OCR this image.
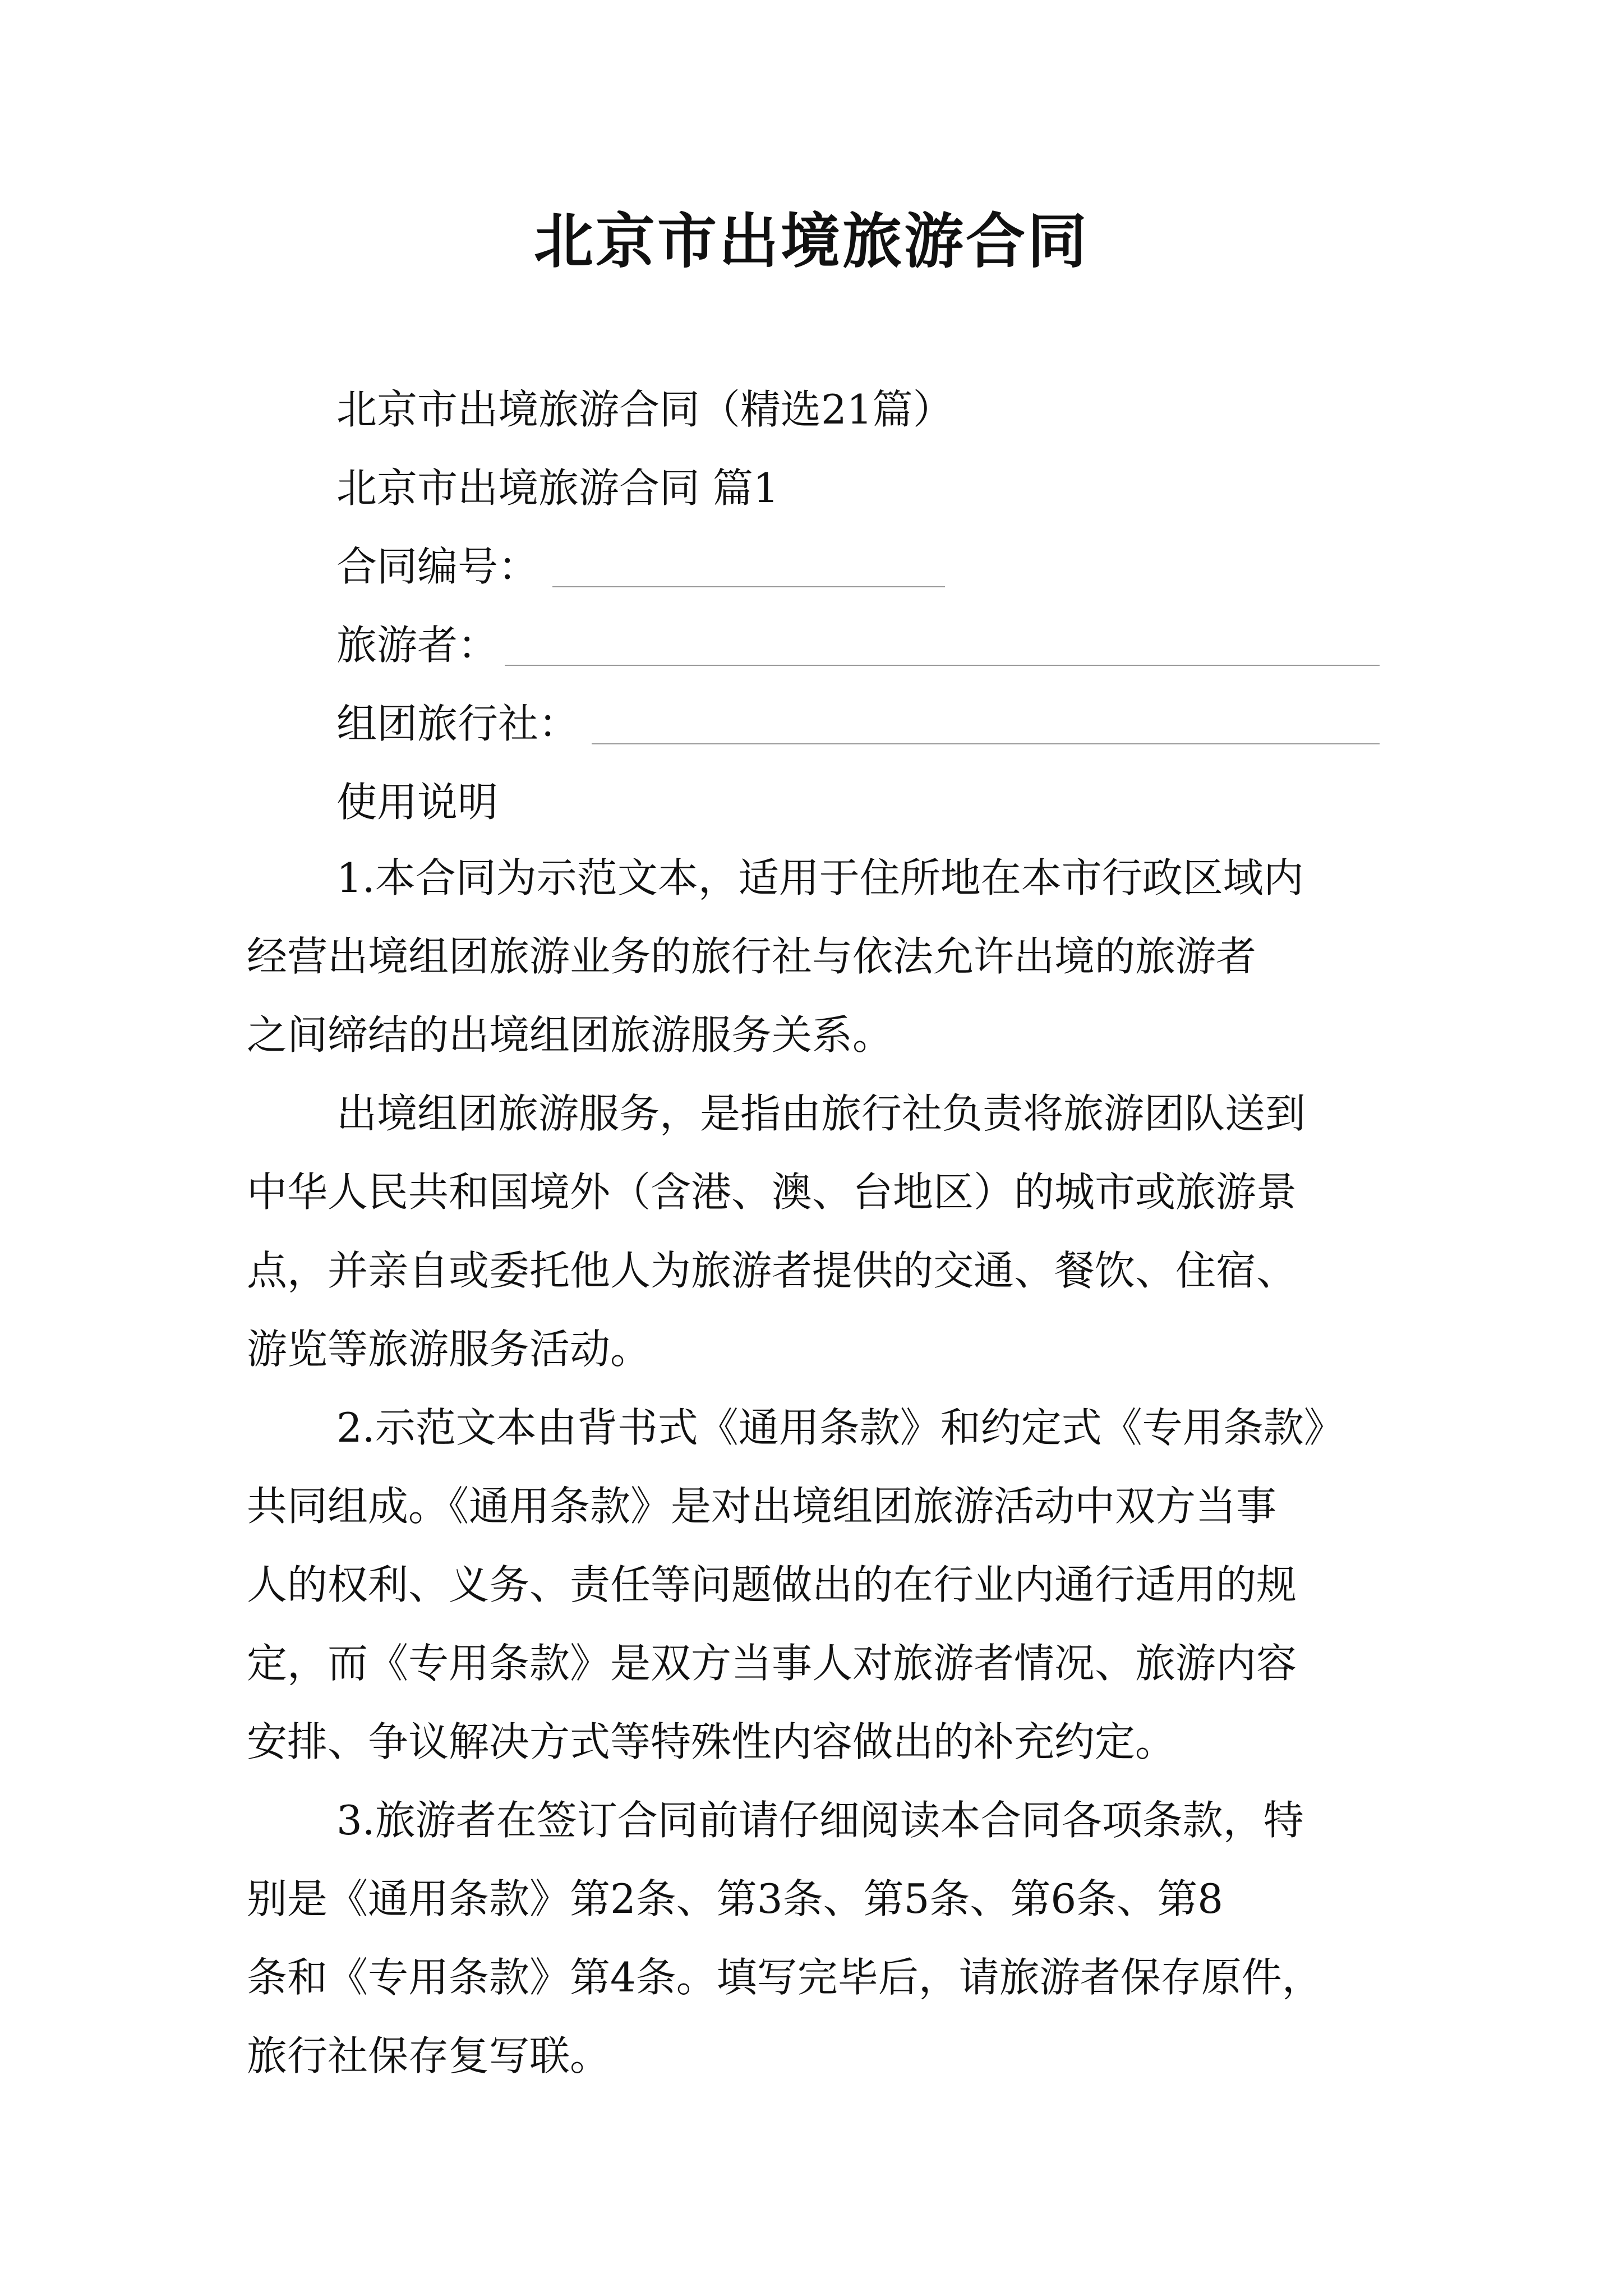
北京市出境旅游合同
北京市出境旅游合同（精选21篇）
北京市出境旅游合同 篇1
合同编号：
旅游者：
组团旅行社：
使用说明
1.本合同为示范文本，适用于住所地在本市行政区域内
经营出境组团旅游业务的旅行社与依法允许出境的旅游者
之间缔结的出境组团旅游服务关系。
出境组团旅游服务，是指由旅行社负责将旅游团队送到
中华人民共和国境外（含港、澳、台地区）的城市或旅游景
点，并亲自或委托他人为旅游者提供的交通、餐饮、住宿、
游览等旅游服务活动。
2.示范文本由背书式《通用条款》和约定式《专用条款》
共同组成。《通用条款》是对出境组团旅游活动中双方当事
人的权利、义务、责任等问题做出的在行业内通行适用的规
定，而《专用条款》是双方当事人对旅游者情况、旅游内容
安排、争议解决方式等特殊性内容做出的补充约定。
3.旅游者在签订合同前请仔细阅读本合同各项条款，特
别是《通用条款》第2条、第3条、第5条、第6条、第8
条和《专用条款》第4条。填写完毕后，请旅游者保存原件，
旅行社保存复写联。
